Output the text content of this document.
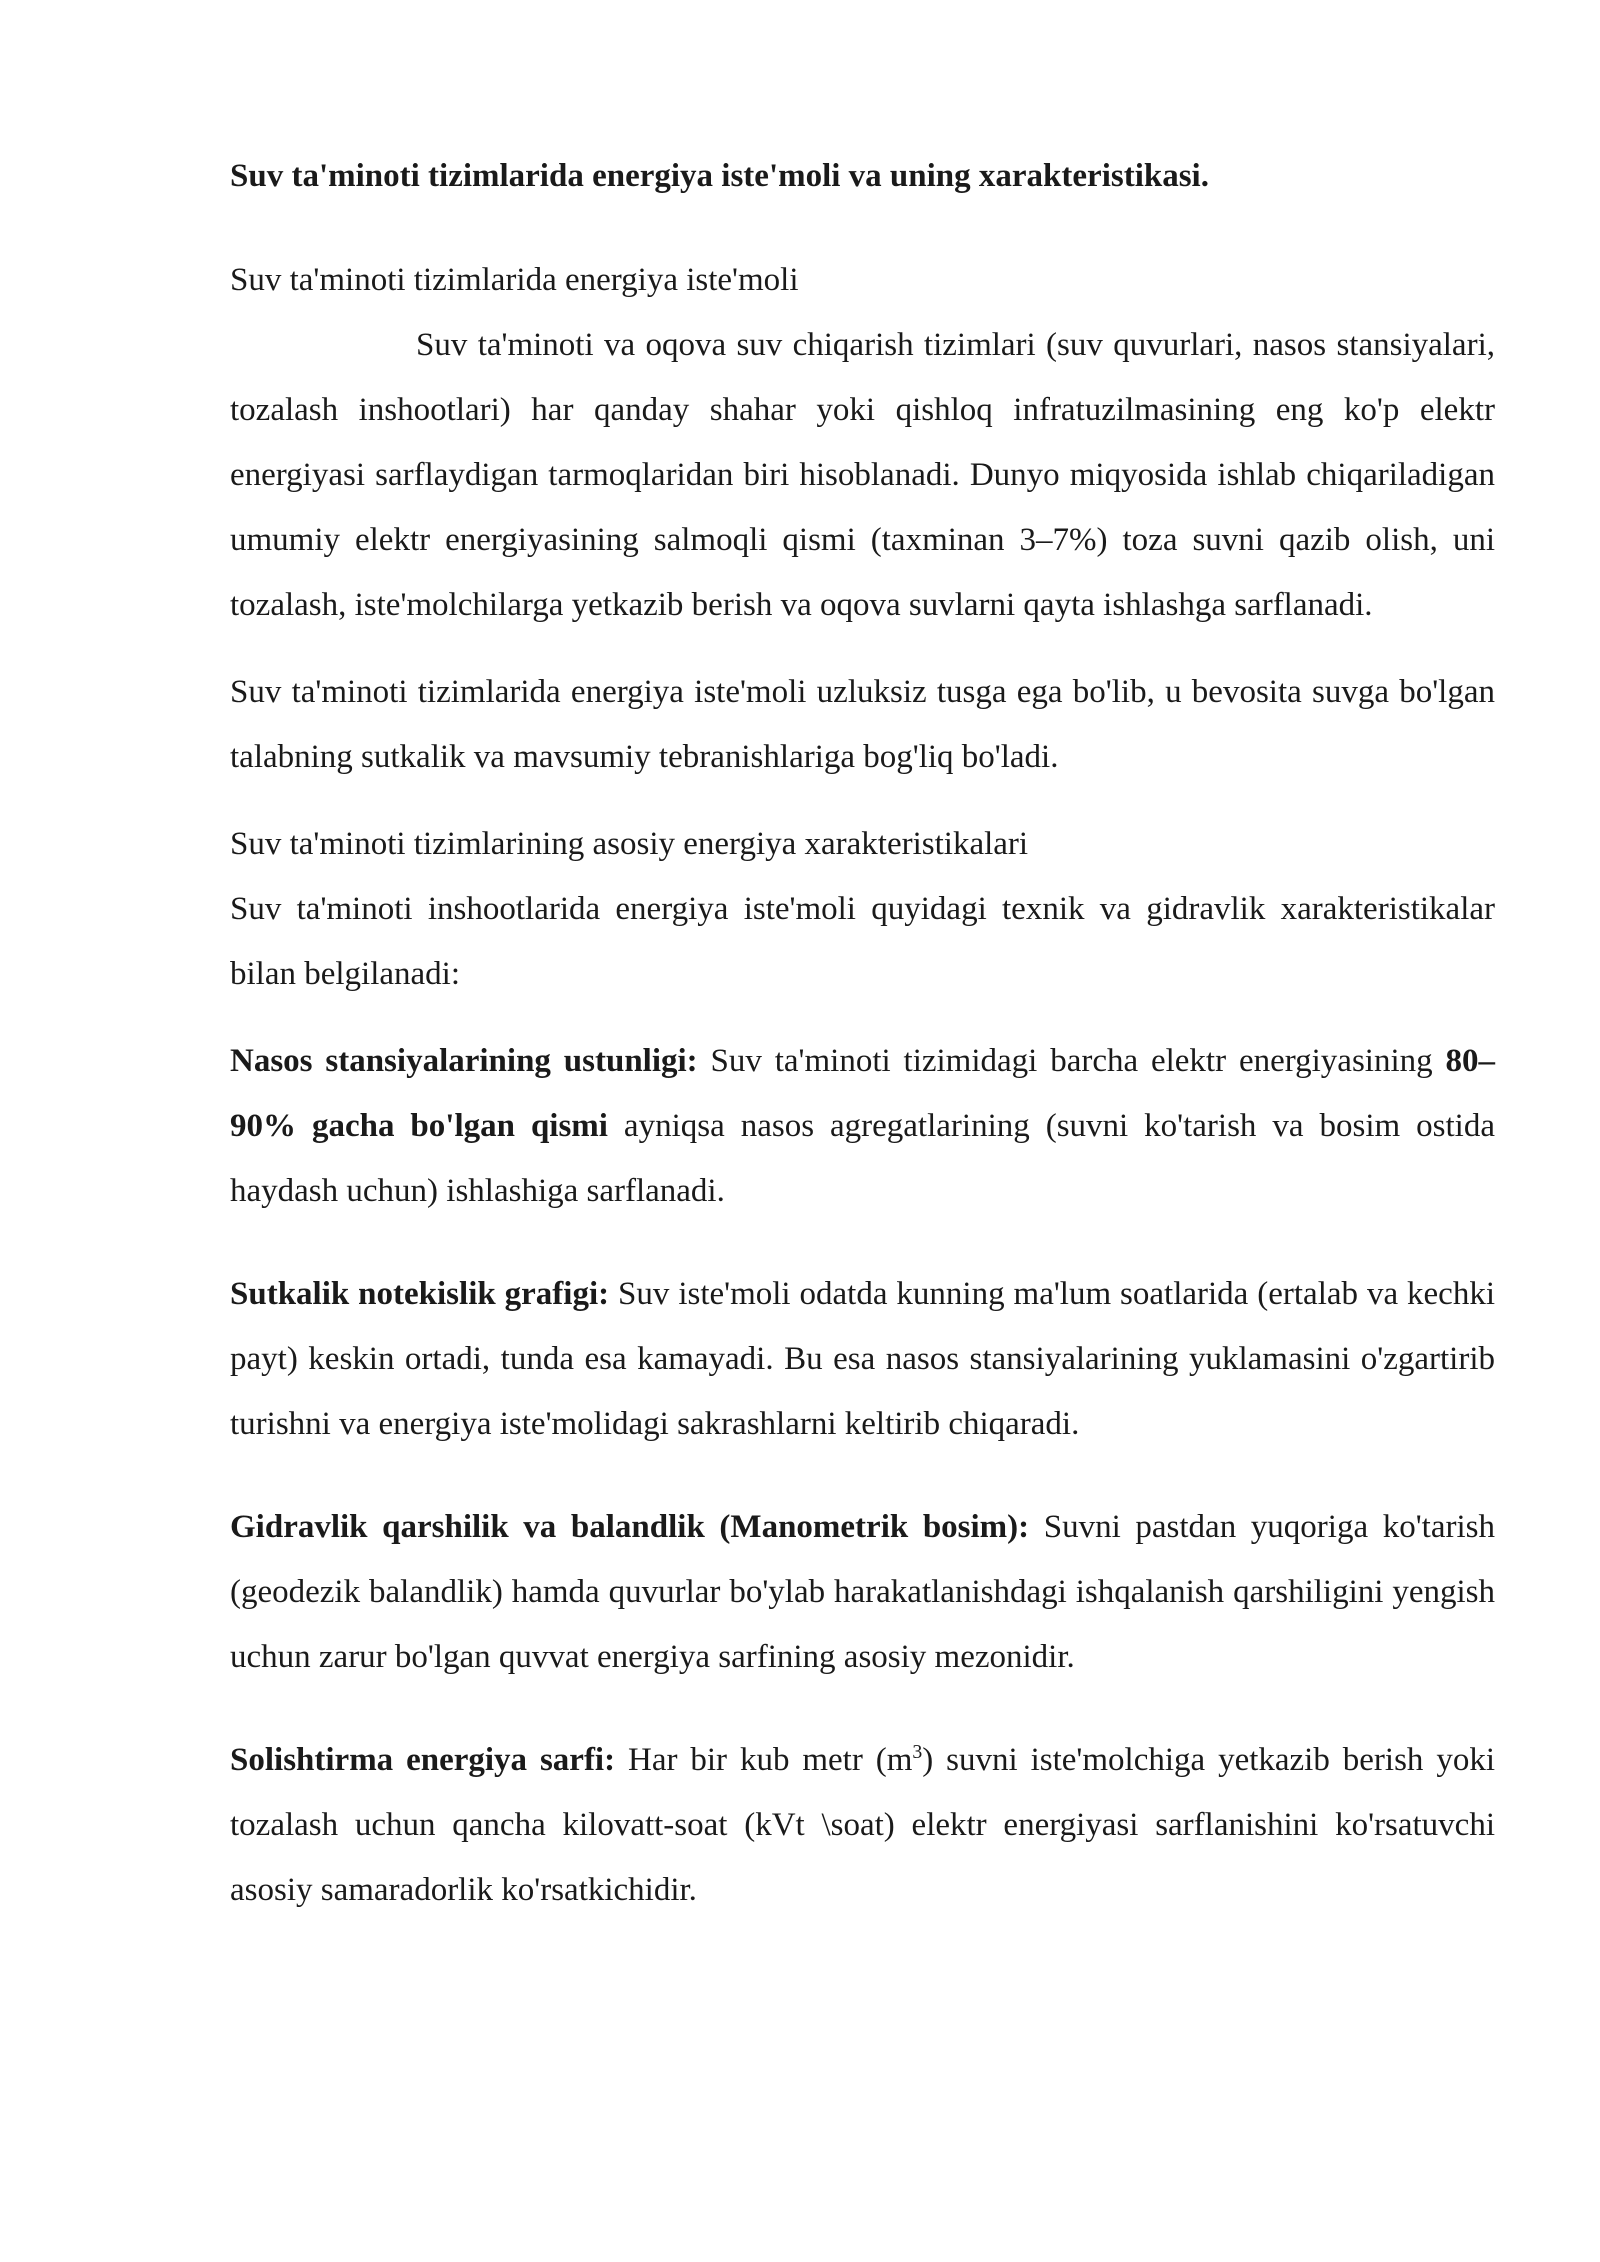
Suv ta'minoti tizimlarida energiya iste'moli va uning xarakteristikasi.

Suv ta'minoti tizimlarida energiya iste'moli

Suv ta'minoti va oqova suv chiqarish tizimlari (suv quvurlari, nasos stansiyalari, tozalash inshootlari) har qanday shahar yoki qishloq infratuzilmasining eng ko'p elektr energiyasi sarflaydigan tarmoqlaridan biri hisoblanadi. Dunyo miqyosida ishlab chiqariladigan umumiy elektr energiyasining salmoqli qismi (taxminan 3–7%) toza suvni qazib olish, uni tozalash, iste'molchilarga yetkazib berish va oqova suvlarni qayta ishlashga sarflanadi.

Suv ta'minoti tizimlarida energiya iste'moli uzluksiz tusga ega bo'lib, u bevosita suvga bo'lgan talabning sutkalik va mavsumiy tebranishlariga bog'liq bo'ladi.

Suv ta'minoti tizimlarining asosiy energiya xarakteristikalari

Suv ta'minoti inshootlarida energiya iste'moli quyidagi texnik va gidravlik xarakteristikalar bilan belgilanadi:

Nasos stansiyalarining ustunligi: Suv ta'minoti tizimidagi barcha elektr energiyasining 80–90% gacha bo'lgan qismi ayniqsa nasos agregatlarining (suvni ko'tarish va bosim ostida haydash uchun) ishlashiga sarflanadi.

Sutkalik notekislik grafigi: Suv iste'moli odatda kunning ma'lum soatlarida (ertalab va kechki payt) keskin ortadi, tunda esa kamayadi. Bu esa nasos stansiyalarining yuklamasini o'zgartirib turishni va energiya iste'molidagi sakrashlarni keltirib chiqaradi.

Gidravlik qarshilik va balandlik (Manometrik bosim): Suvni pastdan yuqoriga ko'tarish (geodezik balandlik) hamda quvurlar bo'ylab harakatlanishdagi ishqalanish qarshiligini yengish uchun zarur bo'lgan quvvat energiya sarfining asosiy mezonidir.

Solishtirma energiya sarfi: Har bir kub metr $(m^3)$ suvni iste'molchiga yetkazib berish yoki tozalash uchun qancha kilovatt-soat (kVt \soat) elektr energiyasi sarflanishini ko'rsatuvchi asosiy samaradorlik ko'rsatkichidir.
